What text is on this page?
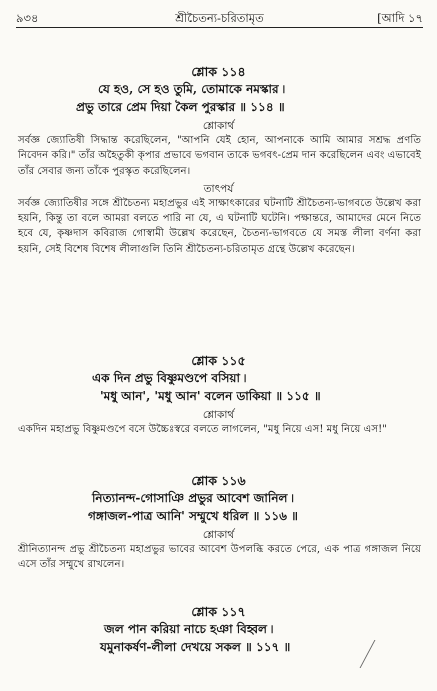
৯৩৪	শ্রীচৈতন্য-চরিতামৃত	[আদি ১৭
শ্লোক ১১৪
যে হও, সে হও তুমি, তোমাকে নমস্কার ৷
প্রভু তারে প্রেম দিয়া কৈল পুরস্কার ॥ ১১৪ ॥
শ্লোকার্থ
সর্বজ্ঞ জ্যোতিষী সিদ্ধান্ত করেছিলেন, "আপনি যেই হোন, আপনাকে আমি আমার সশ্রদ্ধ প্রণতি নিবেদন করি।" তাঁর অহৈতুকী কৃপার প্রভাবে ভগবান তাকে ভগবৎ-প্রেম দান করেছিলেন এবং এভাবেই তাঁর সেবার জন্য তাঁকে পুরস্কৃত করেছিলেন।
তাৎপর্য
সর্বজ্ঞ জ্যোতিষীর সঙ্গে শ্রীচৈতন্য মহাপ্রভুর এই সাক্ষাৎকারের ঘটনাটি শ্রীচৈতন্য-ভাগবতে উল্লেখ করা হয়নি, কিন্তু তা বলে আমরা বলতে পারি না যে, এ ঘটনাটি ঘটেনি। পক্ষান্তরে, আমাদের মেনে নিতে হবে যে, কৃষ্ণদাস কবিরাজ গোস্বামী উল্লেখ করেছেন, চৈতন্য-ভাগবতে যে সমস্ত লীলা বর্ণনা করা হয়নি, সেই বিশেষ বিশেষ লীলাগুলি তিনি শ্রীচৈতন্য-চরিতামৃত গ্রন্থে উল্লেখ করেছেন।
শ্লোক ১১৫
এক দিন প্রভু বিষ্ণুমণ্ডপে বসিয়া ৷
'মধু আন', 'মধু আন' বলেন ডাকিয়া ॥ ১১৫ ॥
শ্লোকার্থ
একদিন মহাপ্রভু বিষ্ণুমণ্ডপে বসে উচ্চৈঃস্বরে বলতে লাগলেন, "মধু নিয়ে এস! মধু নিয়ে এস!"
শ্লোক ১১৬
নিত্যানন্দ-গোসাঞি প্রভুর আবেশ জানিল ৷
গঙ্গাজল-পাত্র আনি' সম্মুখে ধরিল ॥ ১১৬ ॥
শ্লোকার্থ
শ্রীনিত্যানন্দ প্রভু শ্রীচৈতন্য মহাপ্রভুর ভাবের আবেশ উপলব্ধি করতে পেরে, এক পাত্র গঙ্গাজল নিয়ে এসে তাঁর সম্মুখে রাখলেন।
শ্লোক ১১৭
জল পান করিয়া নাচে হঞা বিহ্বল ৷
যমুনাকর্ষণ-লীলা দেখয়ে সকল ॥ ১১৭ ॥
